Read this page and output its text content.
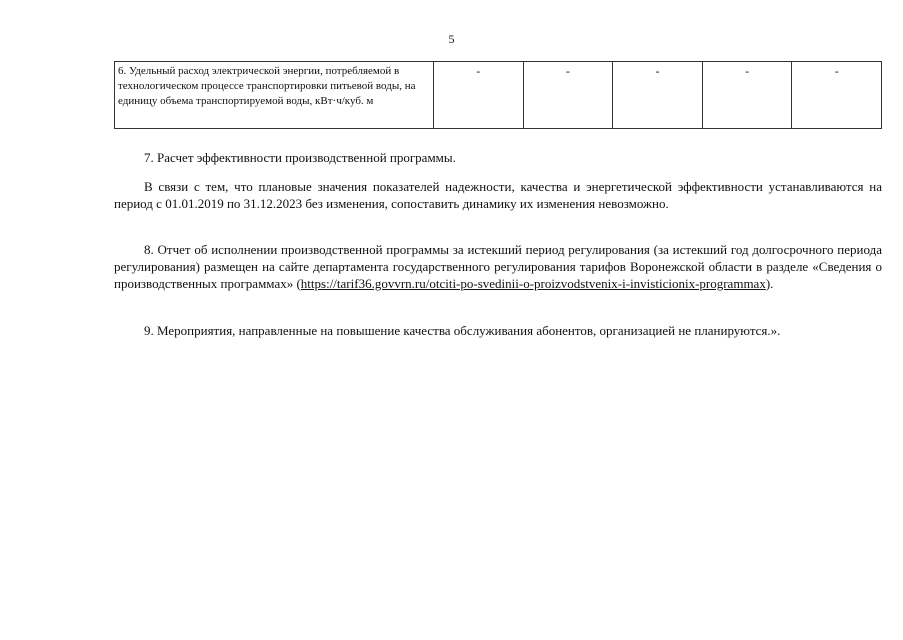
5
6. Удельный расход электрической энергии, потребляемой в технологическом процессе транспортировки питьевой воды, на единицу объема транспортируемой воды, кВт·ч/куб. м	-	-	-	-	-

7. Расчет эффективности производственной программы.

В связи с тем, что плановые значения показателей надежности, качества и энергетической эффективности устанавливаются на период с 01.01.2019 по 31.12.2023 без изменения, сопоставить динамику их изменения невозможно.

8. Отчет об исполнении производственной программы за истекший период регулирования (за истекший год долгосрочного периода регулирования) размещен на сайте департамента государственного регулирования тарифов Воронежской области в разделе «Сведения о производственных программах» (https://tarif36.govvrn.ru/otciti-po-svedinii-o-proizvodstvenix-i-invisticionix-programmax).

9. Мероприятия, направленные на повышение качества обслуживания абонентов, организацией не планируются.».
